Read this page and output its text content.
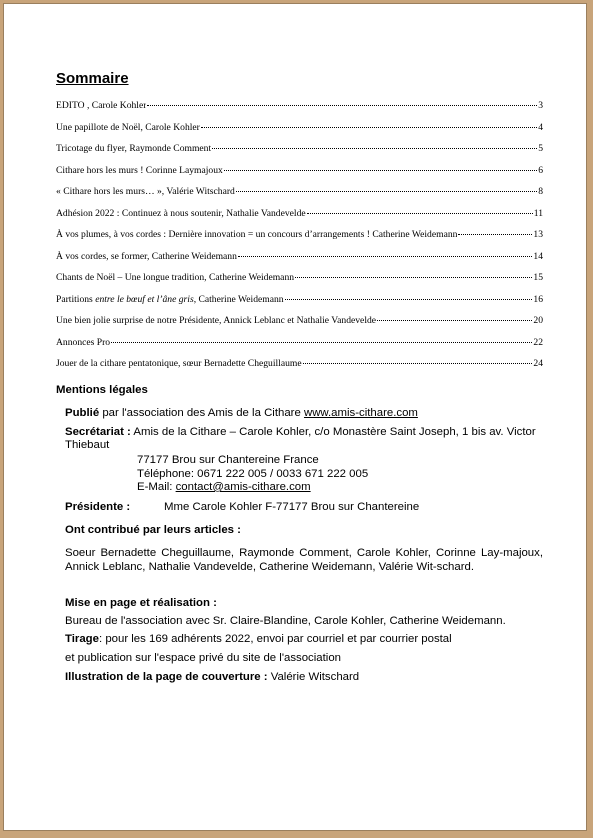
Sommaire
EDITO , Carole Kohler	3
Une papillote de Noël, Carole Kohler	4
Tricotage du flyer, Raymonde Comment	5
Cithare hors les murs ! Corinne Laymajoux	6
« Cithare hors les murs… », Valérie Witschard	8
Adhésion 2022 : Continuez à nous soutenir, Nathalie Vandevelde	11
À vos plumes, à vos cordes : Dernière innovation = un concours d’arrangements ! Catherine Weidemann	13
À vos cordes, se former, Catherine Weidemann	14
Chants de Noël – Une longue tradition, Catherine Weidemann	15
Partitions entre le bœuf et l’âne gris, Catherine Weidemann	16
Une bien jolie surprise de notre Présidente, Annick Leblanc et Nathalie Vandevelde	20
Annonces Pro	22
Jouer de la cithare pentatonique, sœur Bernadette Cheguillaume	24
Mentions légales
Publié par l'association des Amis de la Cithare www.amis-cithare.com
Secrétariat : Amis de la Cithare – Carole Kohler, c/o Monastère Saint Joseph, 1 bis av. Victor Thiebaut
77177 Brou sur Chantereine France
Téléphone: 0671 222 005 / 0033 671 222 005
E-Mail: contact@amis-cithare.com
Présidente :	Mme Carole Kohler F-77177 Brou sur Chantereine
Ont contribué par leurs articles :
Soeur Bernadette Cheguillaume, Raymonde Comment, Carole Kohler, Corinne Lay-majoux, Annick Leblanc, Nathalie Vandevelde, Catherine Weidemann, Valérie Wit-schard.
Mise en page et réalisation :
Bureau de l'association avec Sr. Claire-Blandine, Carole Kohler, Catherine Weidemann.
Tirage: pour les 169 adhérents 2022, envoi par courriel et par courrier postal
et publication sur l'espace privé du site de l'association
Illustration de la page de couverture : Valérie Witschard
